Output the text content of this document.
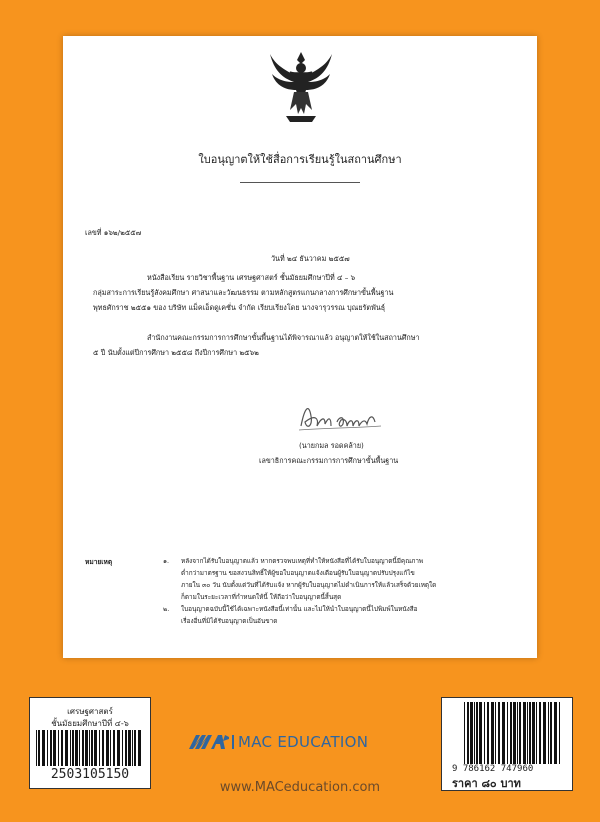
ใบอนุญาตให้ใช้สื่อการเรียนรู้ในสถานศึกษา
เลขที่ ๑๖๒/๒๕๕๗
วันที่ ๒๔ ธันวาคม ๒๕๕๗
หนังสือเรียน รายวิชาพื้นฐาน เศรษฐศาสตร์ ชั้นมัธยมศึกษาปีที่ ๔ – ๖
กลุ่มสาระการเรียนรู้สังคมศึกษา ศาสนาและวัฒนธรรม ตามหลักสูตรแกนกลางการศึกษาขั้นพื้นฐาน
พุทธศักราช ๒๕๕๑ ของ บริษัท แม็คเอ็ดดูเคชั่น จำกัด เรียบเรียงโดย นางจารุวรรณ บุณยรัตพันธุ์
สำนักงานคณะกรรมการการศึกษาขั้นพื้นฐานได้พิจารณาแล้ว อนุญาตให้ใช้ในสถานศึกษา
๕ ปี นับตั้งแต่ปีการศึกษา ๒๕๕๘ ถึงปีการศึกษา ๒๕๖๒
(นายกมล รอดคล้าย)
เลขาธิการคณะกรรมการการศึกษาขั้นพื้นฐาน
หมายเหตุ	๑. หลังจากได้รับใบอนุญาตแล้ว หากตรวจพบเหตุที่ทำให้หนังสือที่ได้รับใบอนุญาตนี้มีคุณภาพ
ต่ำกว่ามาตรฐาน ขอสงวนสิทธิ์ให้ผู้ขอใบอนุญาตแจ้งเตือนผู้รับใบอนุญาตปรับปรุงแก้ไข
ภายใน ๓๐ วัน นับตั้งแต่วันที่ได้รับแจ้ง หากผู้รับใบอนุญาตไม่ดำเนินการให้แล้วเสร็จด้วยเหตุใด
ก็ตามในระยะเวลาที่กำหนดให้นี้ ให้ถือว่าใบอนุญาตนี้สิ้นสุด
๒. ใบอนุญาตฉบับนี้ใช้ได้เฉพาะหนังสือนี้เท่านั้น และไม่ให้นำใบอนุญาตนี้ไปพิมพ์ในหนังสือ
เรื่องอื่นที่มิได้รับอนุญาตเป็นอันขาด
เศรษฐศาสตร์
ชั้นมัธยมศึกษาปีที่ ๔-๖
2503105150
MAC EDUCATION
www.MACeducation.com
9 786162 747960
ราคา ๘๐ บาท
